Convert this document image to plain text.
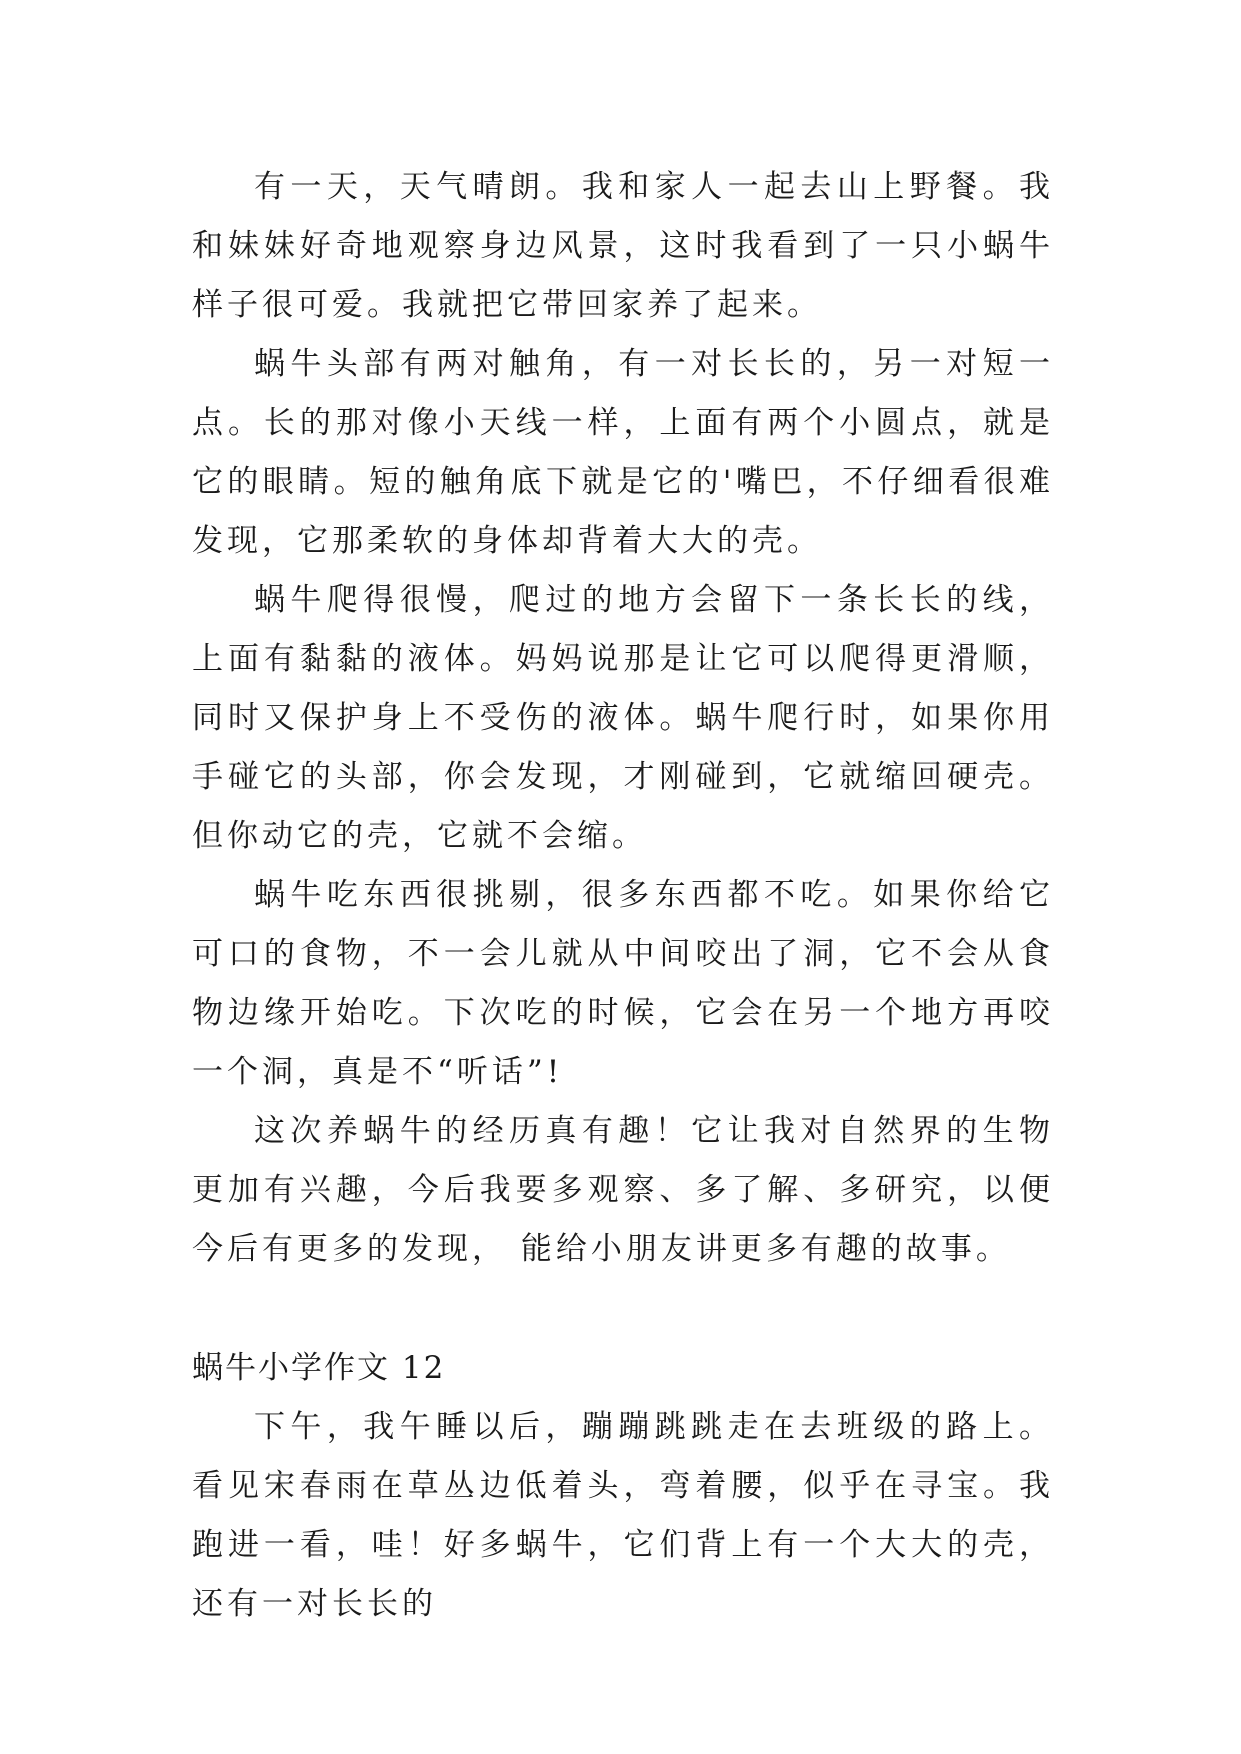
有一天，天气晴朗。我和家人一起去山上野餐。我和妹妹好奇地观察身边风景，这时我看到了一只小蜗牛样子很可爱。我就把它带回家养了起来。

蜗牛头部有两对触角，有一对长长的，另一对短一点。长的那对像小天线一样，上面有两个小圆点，就是它的眼睛。短的触角底下就是它的'嘴巴，不仔细看很难发现，它那柔软的身体却背着大大的壳。

蜗牛爬得很慢，爬过的地方会留下一条长长的线，上面有黏黏的液体。妈妈说那是让它可以爬得更滑顺，同时又保护身上不受伤的液体。蜗牛爬行时，如果你用手碰它的头部，你会发现，才刚碰到，它就缩回硬壳。但你动它的壳，它就不会缩。

蜗牛吃东西很挑剔，很多东西都不吃。如果你给它可口的食物，不一会儿就从中间咬出了洞，它不会从食物边缘开始吃。下次吃的时候，它会在另一个地方再咬一个洞，真是不“听话”!

这次养蜗牛的经历真有趣！它让我对自然界的生物更加有兴趣，今后我要多观察、多了解、多研究，以便今后有更多的发现， 能给小朋友讲更多有趣的故事。

蜗牛小学作文 12

下午，我午睡以后，蹦蹦跳跳走在去班级的路上。看见宋春雨在草丛边低着头，弯着腰，似乎在寻宝。我跑进一看，哇！好多蜗牛，它们背上有一个大大的壳，还有一对长长的
